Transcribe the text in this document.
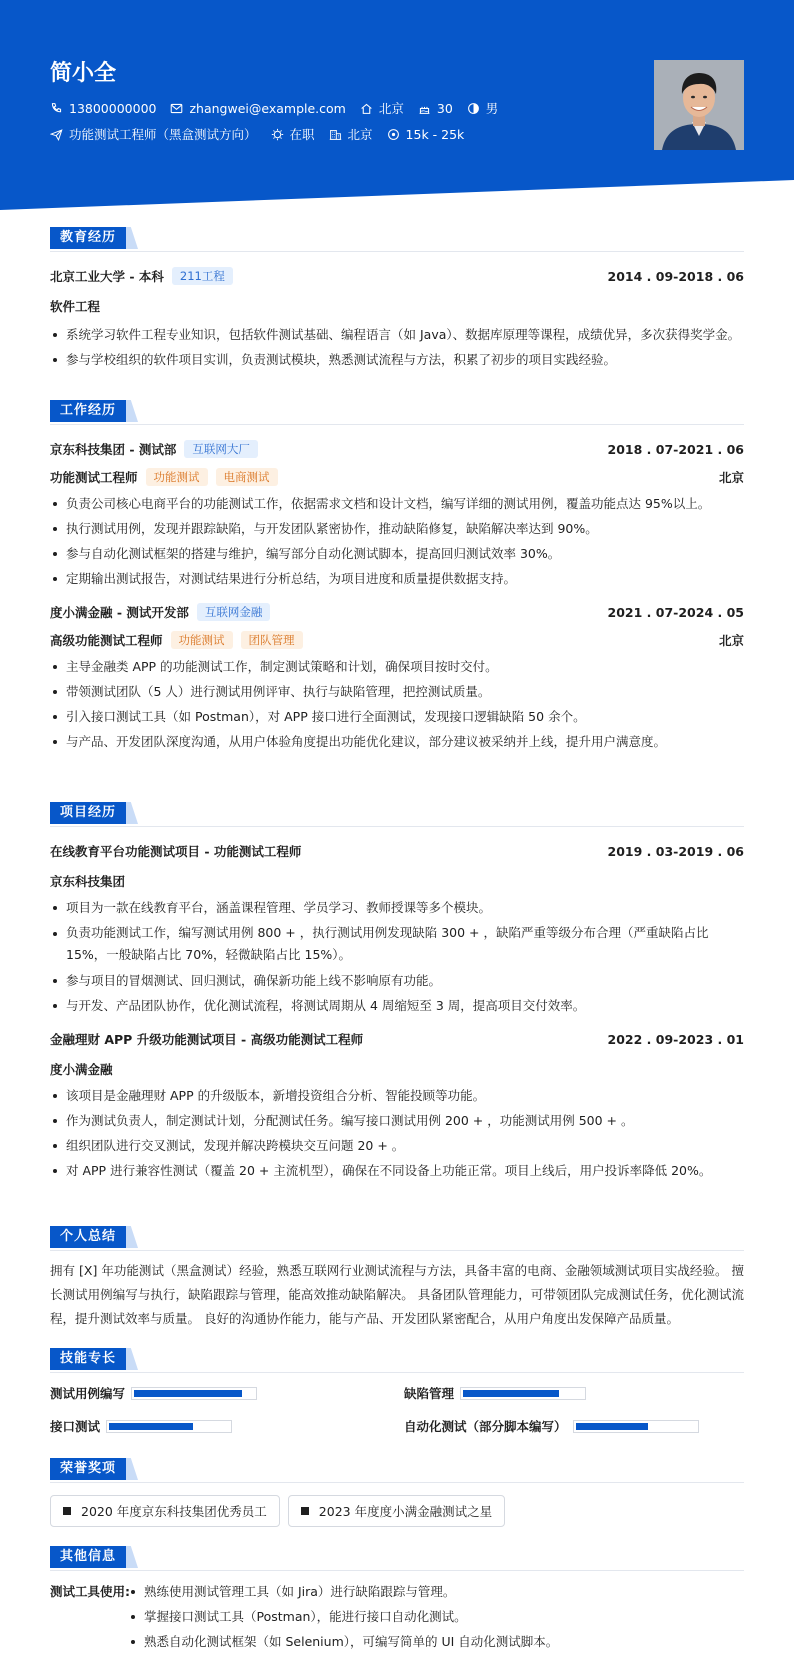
简小全
13800000000	zhangwei@example.com	北京	30	男
功能测试工程师（黑盒测试方向）	在职	北京	15k - 25k
教育经历
北京工业大学 - 本科	211工程	2014 . 09-2018 . 06
软件工程
系统学习软件工程专业知识，包括软件测试基础、编程语言（如 Java）、数据库原理等课程，成绩优异，多次获得奖学金。
参与学校组织的软件项目实训，负责测试模块，熟悉测试流程与方法，积累了初步的项目实践经验。
工作经历
京东科技集团 - 测试部	互联网大厂	2018 . 07-2021 . 06
功能测试工程师	功能测试	电商测试	北京
负责公司核心电商平台的功能测试工作，依据需求文档和设计文档，编写详细的测试用例，覆盖功能点达 95%以上。
执行测试用例，发现并跟踪缺陷，与开发团队紧密协作，推动缺陷修复，缺陷解决率达到 90%。
参与自动化测试框架的搭建与维护，编写部分自动化测试脚本，提高回归测试效率 30%。
定期输出测试报告，对测试结果进行分析总结，为项目进度和质量提供数据支持。
度小满金融 - 测试开发部	互联网金融	2021 . 07-2024 . 05
高级功能测试工程师	功能测试	团队管理	北京
主导金融类 APP 的功能测试工作，制定测试策略和计划，确保项目按时交付。
带领测试团队（5 人）进行测试用例评审、执行与缺陷管理，把控测试质量。
引入接口测试工具（如 Postman），对 APP 接口进行全面测试，发现接口逻辑缺陷 50 余个。
与产品、开发团队深度沟通，从用户体验角度提出功能优化建议，部分建议被采纳并上线，提升用户满意度。
项目经历
在线教育平台功能测试项目 - 功能测试工程师	2019 . 03-2019 . 06
京东科技集团
项目为一款在线教育平台，涵盖课程管理、学员学习、教师授课等多个模块。
负责功能测试工作，编写测试用例 800 + ，执行测试用例发现缺陷 300 + ，缺陷严重等级分布合理（严重缺陷占比 15%，一般缺陷占比 70%，轻微缺陷占比 15%）。
参与项目的冒烟测试、回归测试，确保新功能上线不影响原有功能。
与开发、产品团队协作，优化测试流程，将测试周期从 4 周缩短至 3 周，提高项目交付效率。
金融理财 APP 升级功能测试项目 - 高级功能测试工程师	2022 . 09-2023 . 01
度小满金融
该项目是金融理财 APP 的升级版本，新增投资组合分析、智能投顾等功能。
作为测试负责人，制定测试计划，分配测试任务。编写接口测试用例 200 + ，功能测试用例 500 + 。
组织团队进行交叉测试，发现并解决跨模块交互问题 20 + 。
对 APP 进行兼容性测试（覆盖 20 + 主流机型），确保在不同设备上功能正常。项目上线后，用户投诉率降低 20%。
个人总结
拥有 [X] 年功能测试（黑盒测试）经验，熟悉互联网行业测试流程与方法，具备丰富的电商、金融领域测试项目实战经验。 擅长测试用例编写与执行，缺陷跟踪与管理，能高效推动缺陷解决。 具备团队管理能力，可带领团队完成测试任务，优化测试流程，提升测试效率与质量。 良好的沟通协作能力，能与产品、开发团队紧密配合，从用户角度出发保障产品质量。
技能专长
测试用例编写	缺陷管理
接口测试	自动化测试（部分脚本编写）
荣誉奖项
2020 年度京东科技集团优秀员工	2023 年度度小满金融测试之星
其他信息
测试工具使用:	熟练使用测试管理工具（如 Jira）进行缺陷跟踪与管理。
掌握接口测试工具（Postman），能进行接口自动化测试。
熟悉自动化测试框架（如 Selenium），可编写简单的 UI 自动化测试脚本。
